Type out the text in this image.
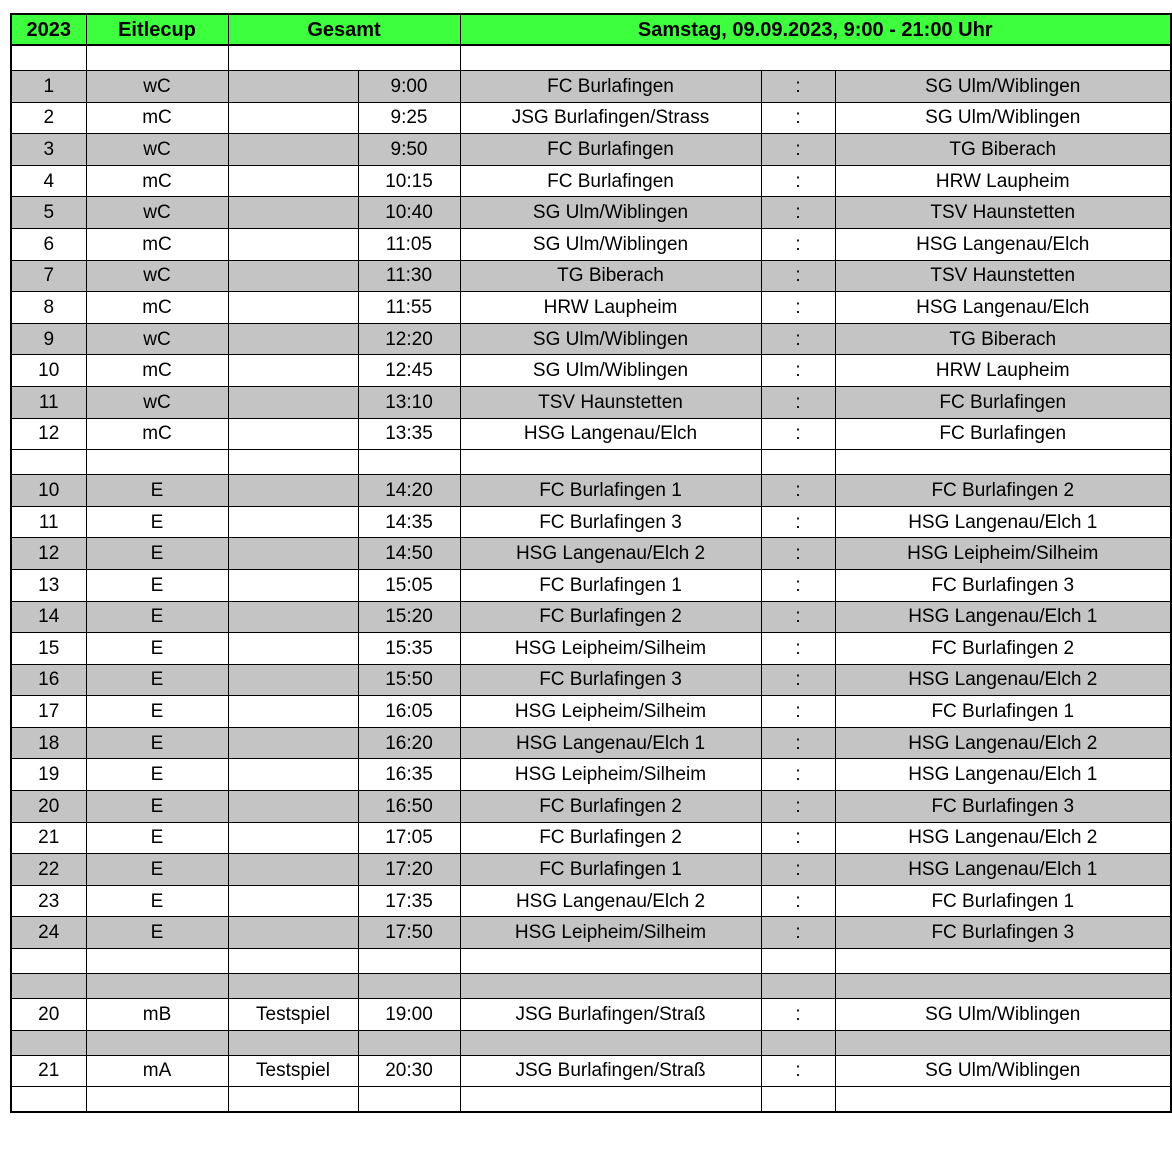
2023	Eitlecup	Gesamt		Samstag, 09.09.2023, 9:00 - 21:00 Uhr		

1	wC		9:00	FC Burlafingen	:	SG Ulm/Wiblingen
2	mC		9:25	JSG Burlafingen/Strass	:	SG Ulm/Wiblingen
3	wC		9:50	FC Burlafingen	:	TG Biberach
4	mC		10:15	FC Burlafingen	:	HRW Laupheim
5	wC		10:40	SG Ulm/Wiblingen	:	TSV Haunstetten
6	mC		11:05	SG Ulm/Wiblingen	:	HSG Langenau/Elch
7	wC		11:30	TG Biberach	:	TSV Haunstetten
8	mC		11:55	HRW Laupheim	:	HSG Langenau/Elch
9	wC		12:20	SG Ulm/Wiblingen	:	TG Biberach
10	mC		12:45	SG Ulm/Wiblingen	:	HRW Laupheim
11	wC		13:10	TSV Haunstetten	:	FC Burlafingen
12	mC		13:35	HSG Langenau/Elch	:	FC Burlafingen

10	E		14:20	FC Burlafingen 1	:	FC Burlafingen 2
11	E		14:35	FC Burlafingen 3	:	HSG Langenau/Elch 1
12	E		14:50	HSG Langenau/Elch 2	:	HSG Leipheim/Silheim
13	E		15:05	FC Burlafingen 1	:	FC Burlafingen 3
14	E		15:20	FC Burlafingen 2	:	HSG Langenau/Elch 1
15	E		15:35	HSG Leipheim/Silheim	:	FC Burlafingen 2
16	E		15:50	FC Burlafingen 3	:	HSG Langenau/Elch 2
17	E		16:05	HSG Leipheim/Silheim	:	FC Burlafingen 1
18	E		16:20	HSG Langenau/Elch 1	:	HSG Langenau/Elch 2
19	E		16:35	HSG Leipheim/Silheim	:	HSG Langenau/Elch 1
20	E		16:50	FC Burlafingen 2	:	FC Burlafingen 3
21	E		17:05	FC Burlafingen 2	:	HSG Langenau/Elch 2
22	E		17:20	FC Burlafingen 1	:	HSG Langenau/Elch 1
23	E		17:35	HSG Langenau/Elch 2	:	FC Burlafingen 1
24	E		17:50	HSG Leipheim/Silheim	:	FC Burlafingen 3

20	mB	Testspiel	19:00	JSG Burlafingen/Straß	:	SG Ulm/Wiblingen

21	mA	Testspiel	20:30	JSG Burlafingen/Straß	:	SG Ulm/Wiblingen
